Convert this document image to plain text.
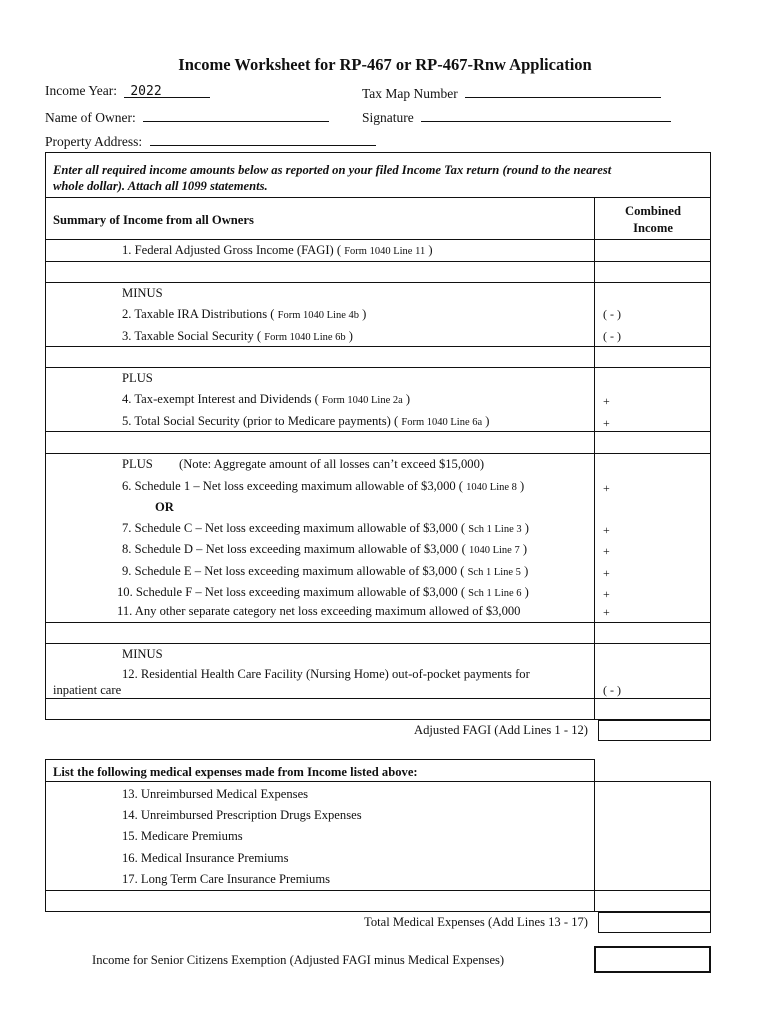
Income Worksheet for RP-467 or RP-467-Rnw Application
Income Year: 2022	Tax Map Number
Name of Owner:	Signature
Property Address:
Enter all required income amounts below as reported on your filed Income Tax return (round to the nearest
whole dollar). Attach all 1099 statements.
Summary of Income from all Owners
Combined
Income
1. Federal Adjusted Gross Income (FAGI) ( Form 1040 Line 11 )
MINUS
2. Taxable IRA Distributions ( Form 1040 Line 4b )	( - )
3. Taxable Social Security ( Form 1040 Line 6b )	( - )
PLUS
4. Tax-exempt Interest and Dividends ( Form 1040 Line 2a )	+
5. Total Social Security (prior to Medicare payments) ( Form 1040 Line 6a )	+
PLUS (Note: Aggregate amount of all losses can’t exceed $15,000)
6. Schedule 1 – Net loss exceeding maximum allowable of $3,000 ( 1040 Line 8 )	+
OR
7. Schedule C – Net loss exceeding maximum allowable of $3,000 ( Sch 1 Line 3 )	+
8. Schedule D – Net loss exceeding maximum allowable of $3,000 ( 1040 Line 7 )	+
9. Schedule E – Net loss exceeding maximum allowable of $3,000 ( Sch 1 Line 5 )	+
10. Schedule F – Net loss exceeding maximum allowable of $3,000 ( Sch 1 Line 6 )	+
11. Any other separate category net loss exceeding maximum allowed of $3,000	+
MINUS
12. Residential Health Care Facility (Nursing Home) out-of-pocket payments for
inpatient care	( - )
Adjusted FAGI (Add Lines 1 - 12)
List the following medical expenses made from Income listed above:
13. Unreimbursed Medical Expenses
14. Unreimbursed Prescription Drugs Expenses
15. Medicare Premiums
16. Medical Insurance Premiums
17. Long Term Care Insurance Premiums
Total Medical Expenses (Add Lines 13 - 17)
Income for Senior Citizens Exemption (Adjusted FAGI minus Medical Expenses)
